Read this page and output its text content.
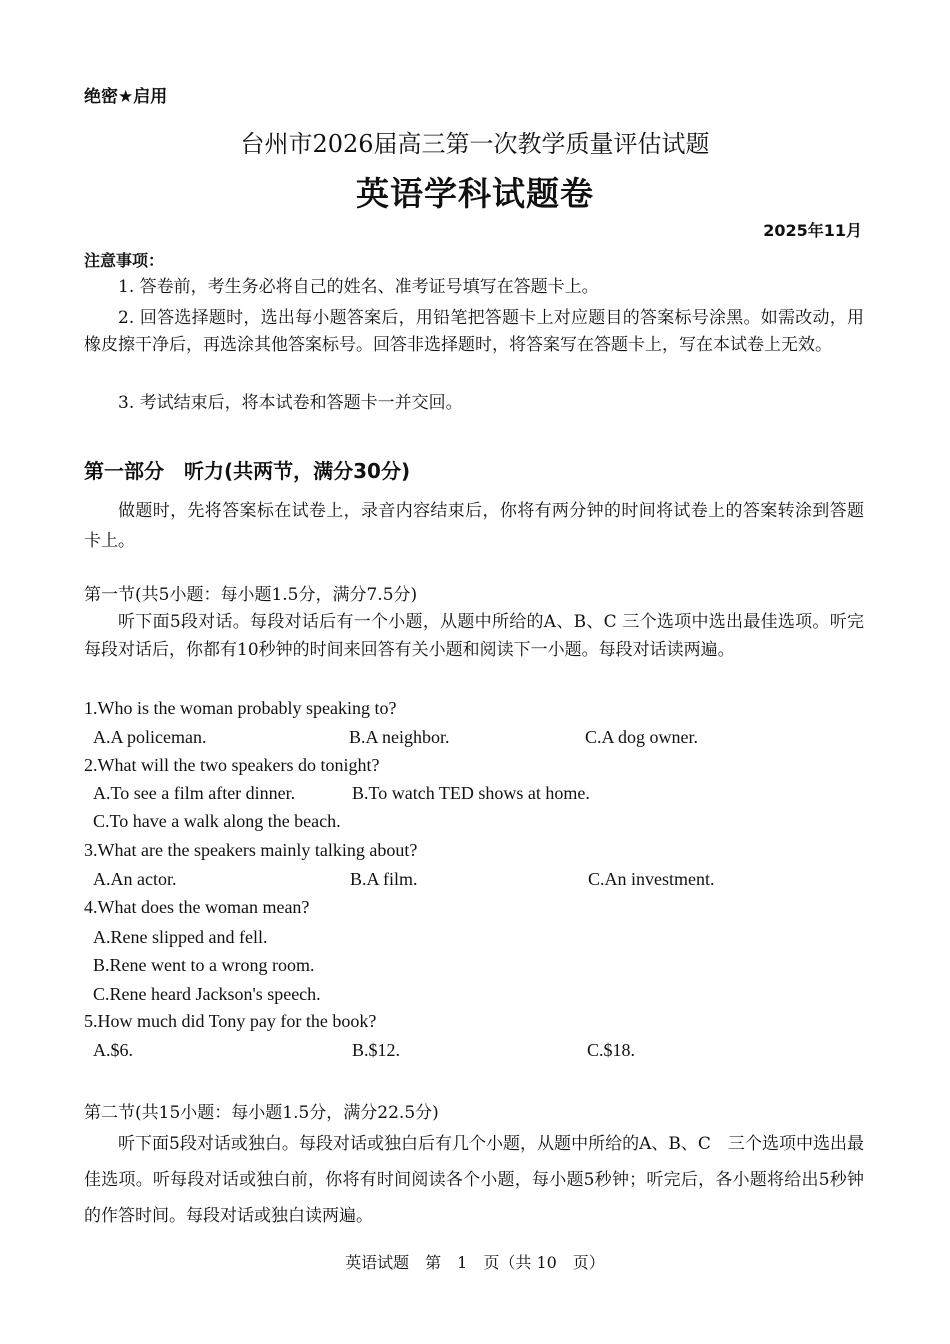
绝密★启用
台州市2026届高三第一次教学质量评估试题
英语学科试题卷
2025年11月
注意事项：
1. 答卷前，考生务必将自己的姓名、准考证号填写在答题卡上。
2. 回答选择题时，选出每小题答案后，用铅笔把答题卡上对应题目的答案标号涂黑。如需改动，用橡皮擦干净后，再选涂其他答案标号。回答非选择题时，将答案写在答题卡上，写在本试卷上无效。
3. 考试结束后，将本试卷和答题卡一并交回。
第一部分　听力(共两节，满分30分)
做题时，先将答案标在试卷上，录音内容结束后，你将有两分钟的时间将试卷上的答案转涂到答题卡上。
第一节(共5小题：每小题1.5分，满分7.5分)
听下面5段对话。每段对话后有一个小题，从题中所给的A、B、C 三个选项中选出最佳选项。听完每段对话后，你都有10秒钟的时间来回答有关小题和阅读下一小题。每段对话读两遍。
1.Who is the woman probably speaking to?
A.A policeman.	B.A neighbor.	C.A dog owner.
2.What will the two speakers do tonight?
A.To see a film after dinner.	B.To watch TED shows at home.
C.To have a walk along the beach.
3.What are the speakers mainly talking about?
A.An actor.	B.A film.	C.An investment.
4.What does the woman mean?
A.Rene slipped and fell.
B.Rene went to a wrong room.
C.Rene heard Jackson's speech.
5.How much did Tony pay for the book?
A.$6.	B.$12.	C.$18.
第二节(共15小题：每小题1.5分，满分22.5分)
听下面5段对话或独白。每段对话或独白后有几个小题，从题中所给的A、B、C　三个选项中选出最佳选项。听每段对话或独白前，你将有时间阅读各个小题，每小题5秒钟；听完后，各小题将给出5秒钟的作答时间。每段对话或独白读两遍。
英语试题　第　1　页（共 10　页）
